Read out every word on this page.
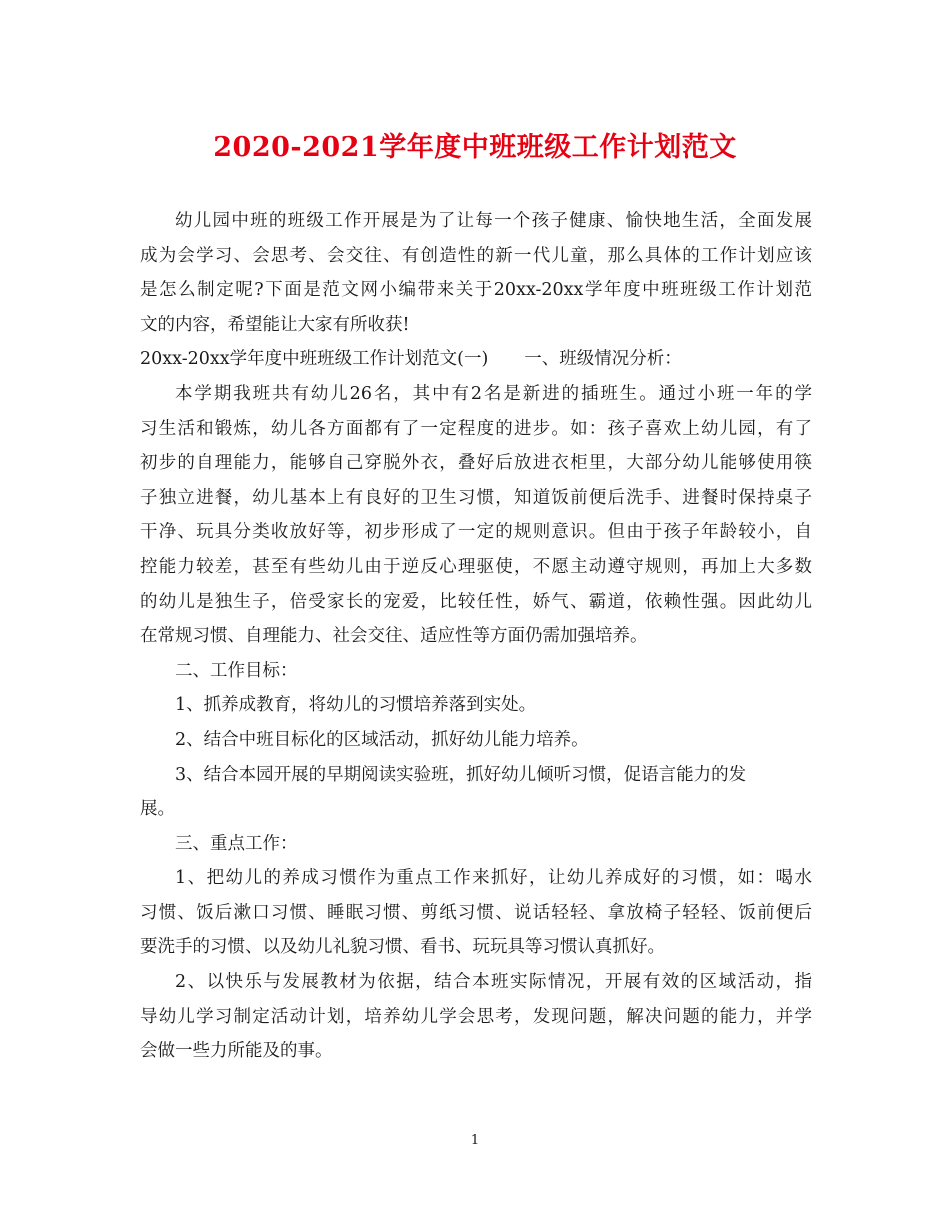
2020-2021学年度中班班级工作计划范文
幼儿园中班的班级工作开展是为了让每一个孩子健康、愉快地生活，全面发展
成为会学习、会思考、会交往、有创造性的新一代儿童，那么具体的工作计划应该
是怎么制定呢?下面是范文网小编带来关于20xx-20xx学年度中班班级工作计划范
文的内容，希望能让大家有所收获!
20xx-20xx学年度中班班级工作计划范文(一) 一、班级情况分析：
本学期我班共有幼儿26名，其中有2名是新进的插班生。通过小班一年的学
习生活和锻炼，幼儿各方面都有了一定程度的进步。如：孩子喜欢上幼儿园，有了
初步的自理能力，能够自己穿脱外衣，叠好后放进衣柜里，大部分幼儿能够使用筷
子独立进餐，幼儿基本上有良好的卫生习惯，知道饭前便后洗手、进餐时保持桌子
干净、玩具分类收放好等，初步形成了一定的规则意识。但由于孩子年龄较小，自
控能力较差，甚至有些幼儿由于逆反心理驱使，不愿主动遵守规则，再加上大多数
的幼儿是独生子，倍受家长的宠爱，比较任性，娇气、霸道，依赖性强。因此幼儿
在常规习惯、自理能力、社会交往、适应性等方面仍需加强培养。
二、工作目标：
1、抓养成教育，将幼儿的习惯培养落到实处。
2、结合中班目标化的区域活动，抓好幼儿能力培养。
3、结合本园开展的早期阅读实验班，抓好幼儿倾听习惯，促语言能力的发
展。
三、重点工作：
1、把幼儿的养成习惯作为重点工作来抓好，让幼儿养成好的习惯，如：喝水
习惯、饭后漱口习惯、睡眠习惯、剪纸习惯、说话轻轻、拿放椅子轻轻、饭前便后
要洗手的习惯、以及幼儿礼貌习惯、看书、玩玩具等习惯认真抓好。
2、以快乐与发展教材为依据，结合本班实际情况，开展有效的区域活动，指
导幼儿学习制定活动计划，培养幼儿学会思考，发现问题，解决问题的能力，并学
会做一些力所能及的事。
1
